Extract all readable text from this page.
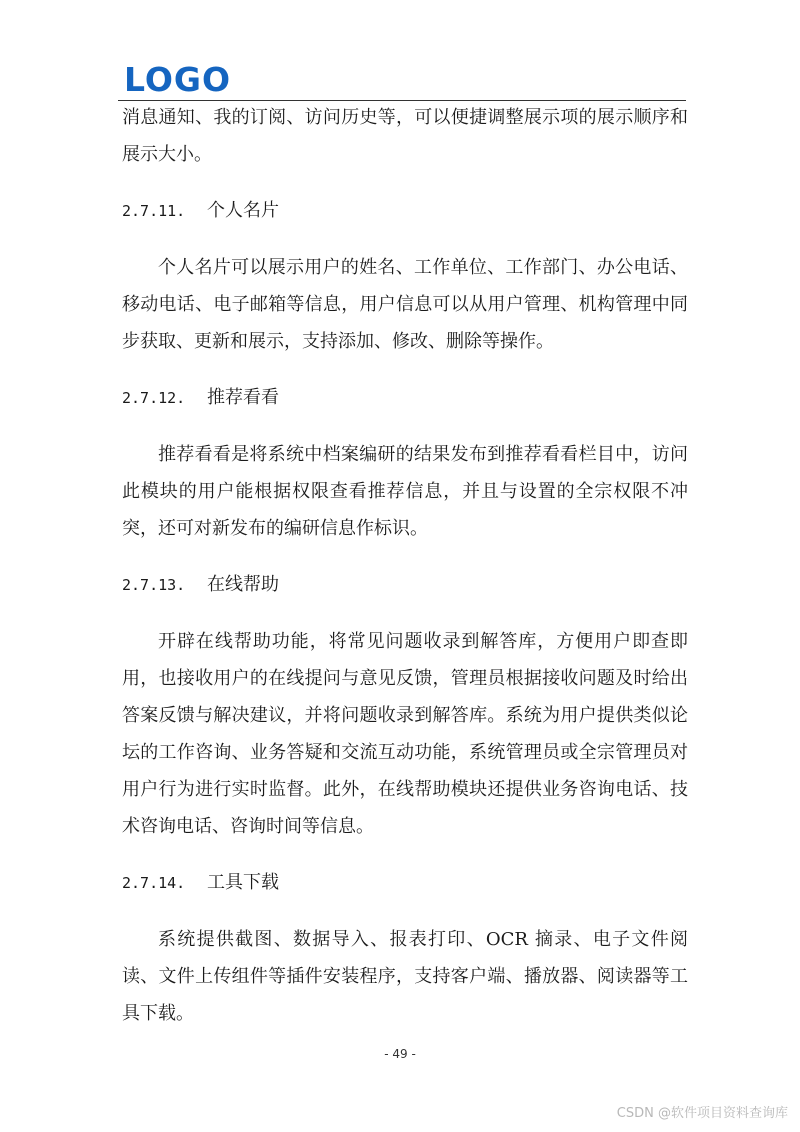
LOGO

消息通知、我的订阅、访问历史等，可以便捷调整展示项的展示顺序和展示大小。

2.7.11. 个人名片

个人名片可以展示用户的姓名、工作单位、工作部门、办公电话、移动电话、电子邮箱等信息，用户信息可以从用户管理、机构管理中同步获取、更新和展示，支持添加、修改、删除等操作。

2.7.12. 推荐看看

推荐看看是将系统中档案编研的结果发布到推荐看看栏目中，访问此模块的用户能根据权限查看推荐信息，并且与设置的全宗权限不冲突，还可对新发布的编研信息作标识。

2.7.13. 在线帮助

开辟在线帮助功能，将常见问题收录到解答库，方便用户即查即用，也接收用户的在线提问与意见反馈，管理员根据接收问题及时给出答案反馈与解决建议，并将问题收录到解答库。系统为用户提供类似论坛的工作咨询、业务答疑和交流互动功能，系统管理员或全宗管理员对用户行为进行实时监督。此外，在线帮助模块还提供业务咨询电话、技术咨询电话、咨询时间等信息。

2.7.14. 工具下载

系统提供截图、数据导入、报表打印、OCR 摘录、电子文件阅读、文件上传组件等插件安装程序，支持客户端、播放器、阅读器等工具下载。

- 49 -
CSDN @软件项目资料查询库
